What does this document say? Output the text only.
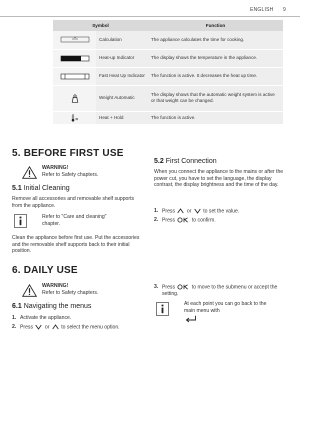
ENGLISH 9
Symbol		Function
	Calculation	The appliance calculates the time for cooking.
	Heat-up Indicator	The display shows the temperature in the appliance.
	Fast Heat Up Indicator	The function is active. It decreases the heat up time.
	Weight Automatic	The display shows that the automatic weight system is active or that weight can be changed.
	Heat + Hold	The function is active.
5. BEFORE FIRST USE
WARNING!
Refer to Safety chapters.
5.1 Initial Cleaning
Remove all accessories and removable shelf supports from the appliance.
Refer to "Care and cleaning" chapter.
Clean the appliance before first use. Put the accessories and the removable shelf supports back to their initial position.
5.2 First Connection
When you connect the appliance to the mains or after the power cut, you have to set the language, the display contrast, the display brightness and the time of the day.
1. Press or to set the value.
2. Press	to confirm.
6. DAILY USE
WARNING!
Refer to Safety chapters.
6.1 Navigating the menus
1. Activate the appliance.
2. Press or to select the menu option.
3. Press	to move to the submenu or accept the setting.
At each point you can go back to the main menu with
